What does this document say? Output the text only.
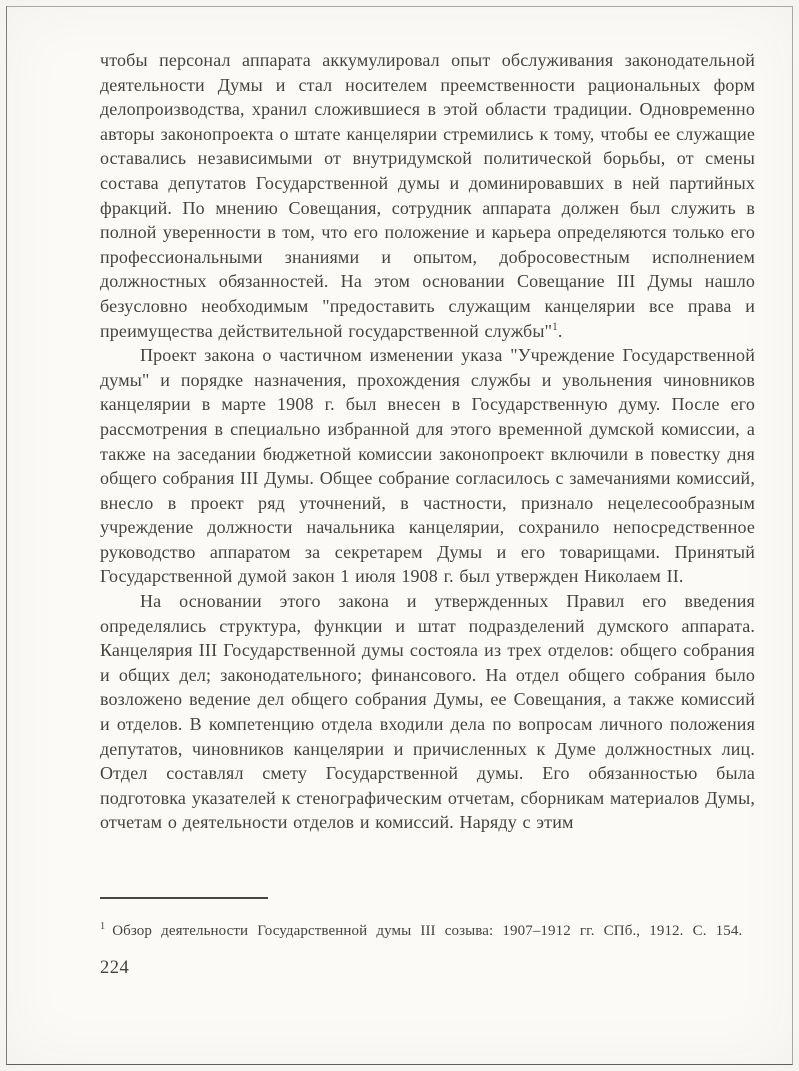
чтобы персонал аппарата аккумулировал опыт обслуживания законодательной деятельности Думы и стал носителем преемственности рациональных форм делопроизводства, хранил сложившиеся в этой области традиции. Одновременно авторы законопроекта о штате канцелярии стремились к тому, чтобы ее служащие оставались независимыми от внутридумской политической борьбы, от смены состава депутатов Государственной думы и доминировавших в ней партийных фракций. По мнению Совещания, сотрудник аппарата должен был служить в полной уверенности в том, что его положение и карьера определяются только его профессиональными знаниями и опытом, добросовестным исполнением должностных обязанностей. На этом основании Совещание III Думы нашло безусловно необходимым "предоставить служащим канцелярии все права и преимущества действительной государственной службы"$^1$.

Проект закона о частичном изменении указа "Учреждение Государственной думы" и порядке назначения, прохождения службы и увольнения чиновников канцелярии в марте 1908 г. был внесен в Государственную думу. После его рассмотрения в специально избранной для этого временной думской комиссии, а также на заседании бюджетной комиссии законопроект включили в повестку дня общего собрания III Думы. Общее собрание согласилось с замечаниями комиссий, внесло в проект ряд уточнений, в частности, признало нецелесообразным учреждение должности начальника канцелярии, сохранило непосредственное руководство аппаратом за секретарем Думы и его товарищами. Принятый Государственной думой закон 1 июля 1908 г. был утвержден Николаем II.

На основании этого закона и утвержденных Правил его введения определялись структура, функции и штат подразделений думского аппарата. Канцелярия III Государственной думы состояла из трех отделов: общего собрания и общих дел; законодательного; финансового. На отдел общего собрания было возложено ведение дел общего собрания Думы, ее Совещания, а также комиссий и отделов. В компетенцию отдела входили дела по вопросам личного положения депутатов, чиновников канцелярии и причисленных к Думе должностных лиц. Отдел составлял смету Государственной думы. Его обязанностью была подготовка указателей к стенографическим отчетам, сборникам материалов Думы, отчетам о деятельности отделов и комиссий. Наряду с этим

$^1$ Обзор деятельности Государственной думы III созыва: 1907–1912 гг. СПб., 1912. С. 154.

224
